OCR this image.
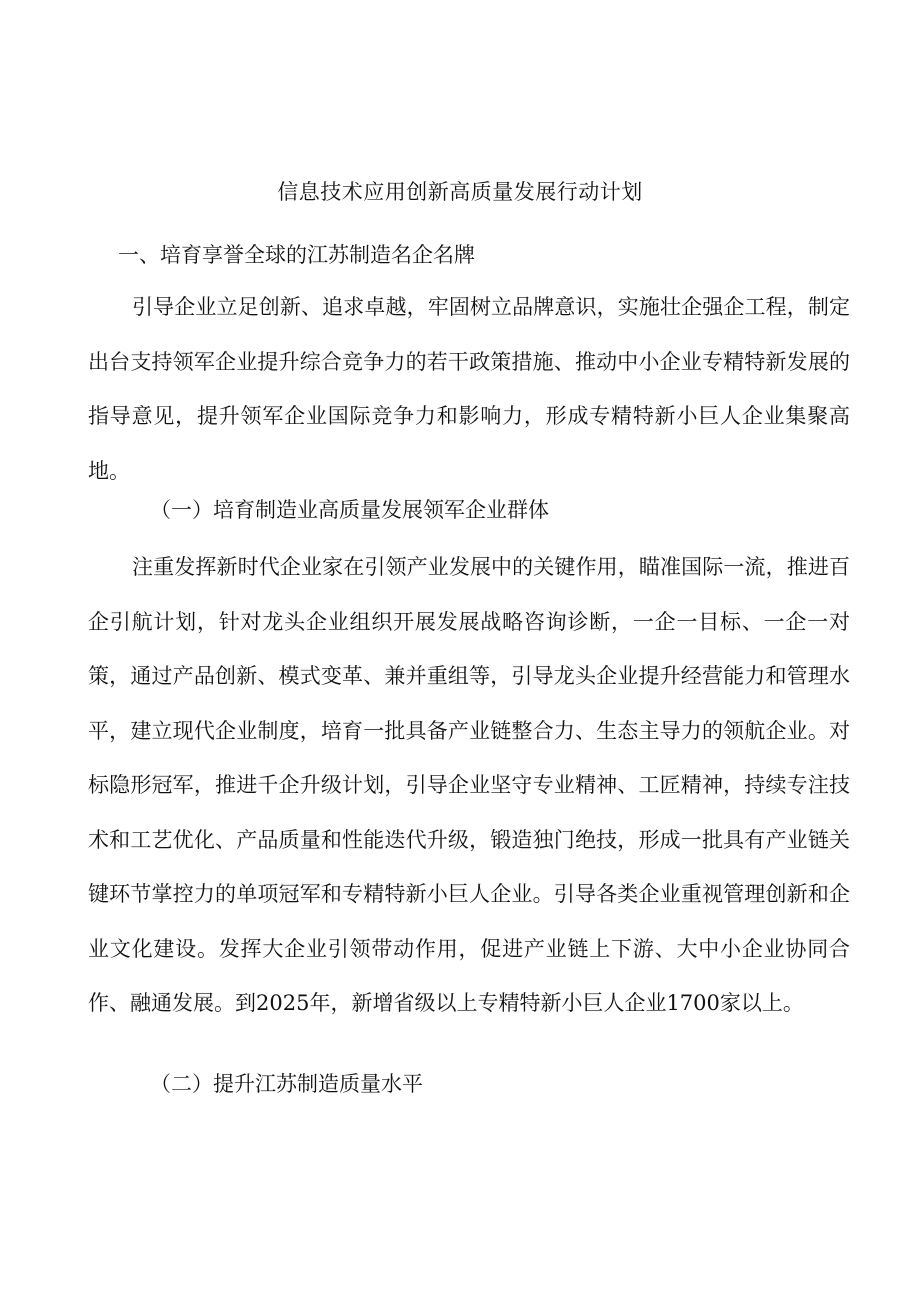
信息技术应用创新高质量发展行动计划
一、培育享誉全球的江苏制造名企名牌

引导企业立足创新、追求卓越，牢固树立品牌意识，实施壮企强企工程，制定出台支持领军企业提升综合竞争力的若干政策措施、推动中小企业专精特新发展的指导意见，提升领军企业国际竞争力和影响力，形成专精特新小巨人企业集聚高地。

（一）培育制造业高质量发展领军企业群体

注重发挥新时代企业家在引领产业发展中的关键作用，瞄准国际一流，推进百企引航计划，针对龙头企业组织开展发展战略咨询诊断，一企一目标、一企一对策，通过产品创新、模式变革、兼并重组等，引导龙头企业提升经营能力和管理水平，建立现代企业制度，培育一批具备产业链整合力、生态主导力的领航企业。对标隐形冠军，推进千企升级计划，引导企业坚守专业精神、工匠精神，持续专注技术和工艺优化、产品质量和性能迭代升级，锻造独门绝技，形成一批具有产业链关键环节掌控力的单项冠军和专精特新小巨人企业。引导各类企业重视管理创新和企业文化建设。发挥大企业引领带动作用，促进产业链上下游、大中小企业协同合作、融通发展。到2025年，新增省级以上专精特新小巨人企业1700家以上。

（二）提升江苏制造质量水平
